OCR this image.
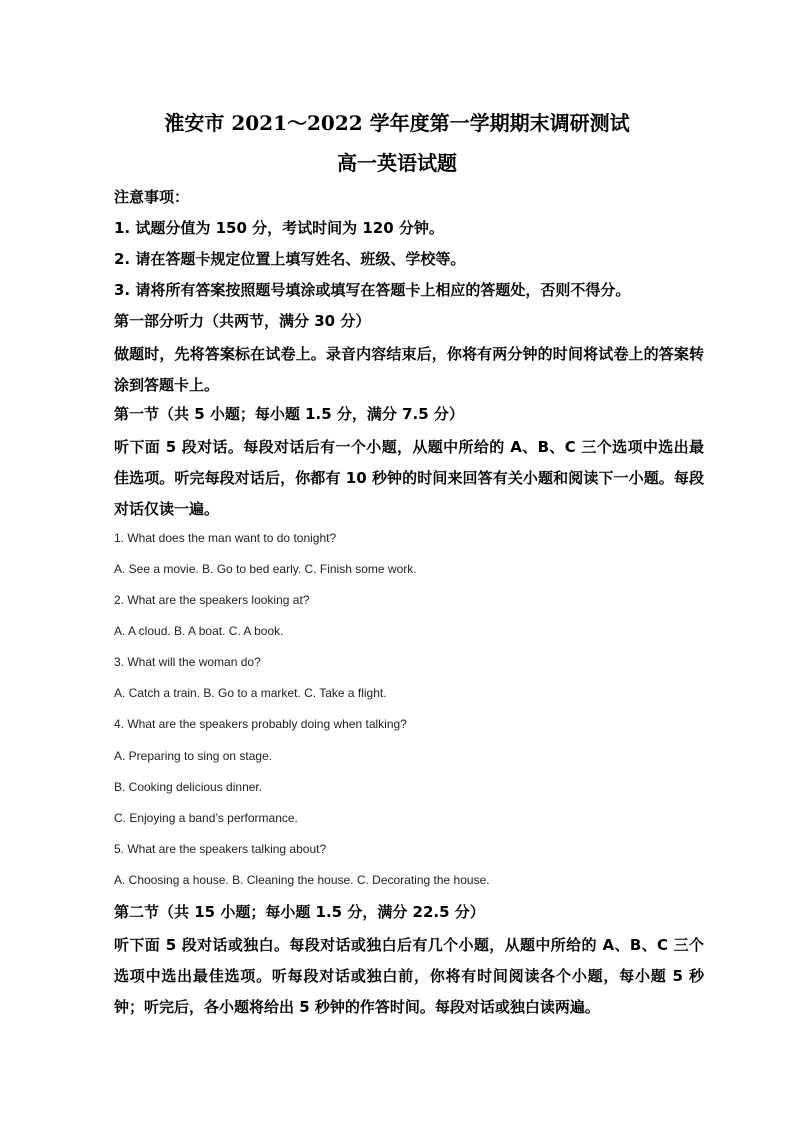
淮安市 2021～2022 学年度第一学期期末调研测试
高一英语试题
注意事项：
1. 试题分值为 150 分，考试时间为 120 分钟。
2. 请在答题卡规定位置上填写姓名、班级、学校等。
3. 请将所有答案按照题号填涂或填写在答题卡上相应的答题处，否则不得分。
第一部分听力（共两节，满分 30 分）
做题时，先将答案标在试卷上。录音内容结束后，你将有两分钟的时间将试卷上的答案转涂到答题卡上。
第一节（共 5 小题；每小题 1.5 分，满分 7.5 分）
听下面 5 段对话。每段对话后有一个小题，从题中所给的 A、B、C 三个选项中选出最佳选项。听完每段对话后，你都有 10 秒钟的时间来回答有关小题和阅读下一小题。每段对话仅读一遍。
1. What does the man want to do tonight?
A. See a movie. B. Go to bed early. C. Finish some work.
2. What are the speakers looking at?
A. A cloud. B. A boat. C. A book.
3. What will the woman do?
A. Catch a train. B. Go to a market. C. Take a flight.
4. What are the speakers probably doing when talking?
A. Preparing to sing on stage.
B. Cooking delicious dinner.
C. Enjoying a band’s performance.
5. What are the speakers talking about?
A. Choosing a house. B. Cleaning the house. C. Decorating the house.
第二节（共 15 小题；每小题 1.5 分，满分 22.5 分）
听下面 5 段对话或独白。每段对话或独白后有几个小题，从题中所给的 A、B、C 三个选项中选出最佳选项。听每段对话或独白前，你将有时间阅读各个小题，每小题 5 秒钟；听完后，各小题将给出 5 秒钟的作答时间。每段对话或独白读两遍。
